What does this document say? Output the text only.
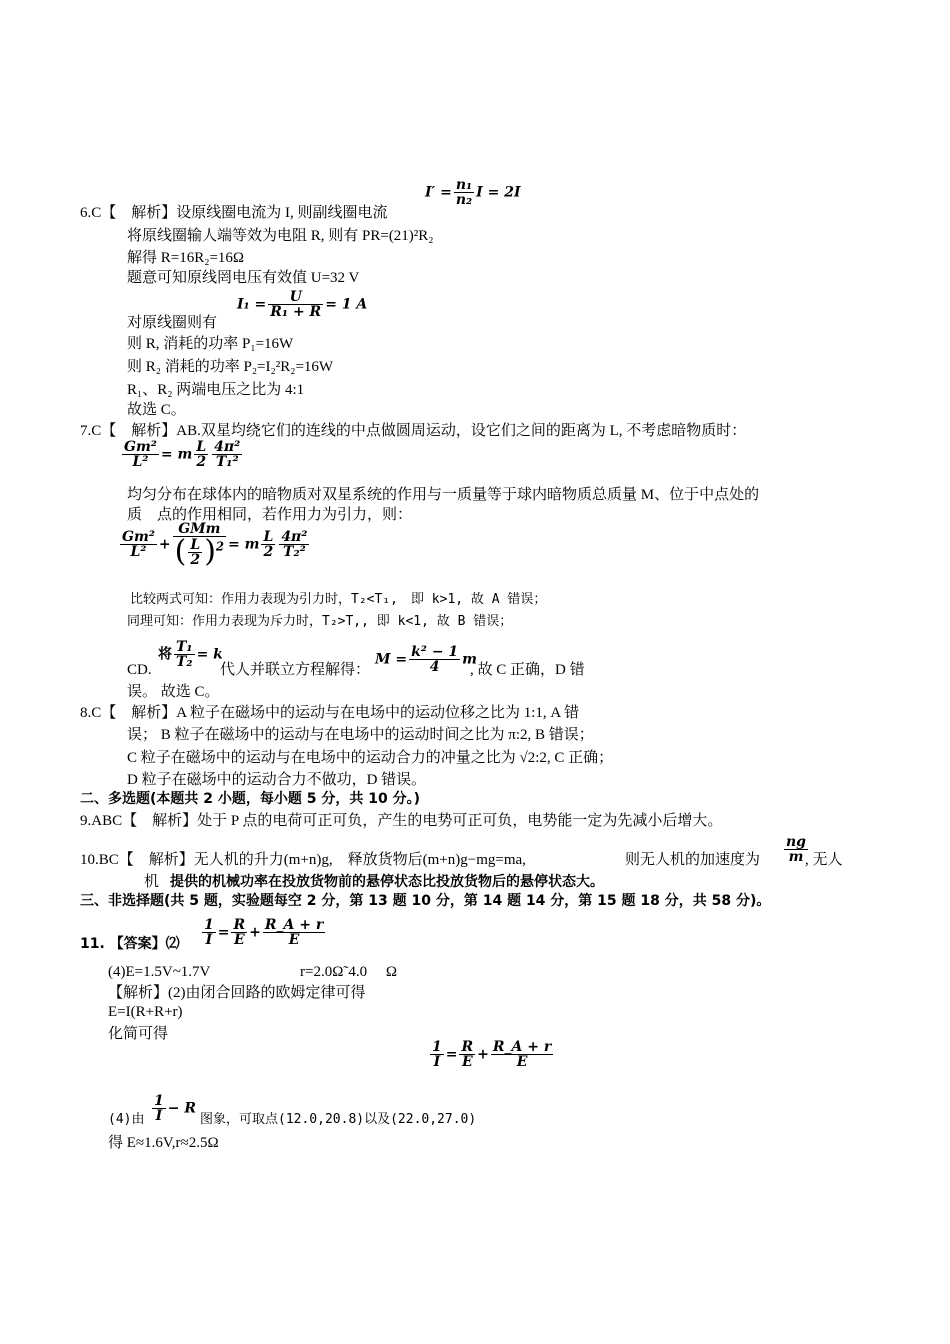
$I' = \frac{\text{n₁}}{\text{n₂}}$ I = 2I
6.C【　解析】设原线圈电流为 I, 则副线圈电流
将原线圈输人端等效为电阻 R, 则有 PR=(21)²R₂
解得 R=16R₂=16Ω
题意可知原线罔电压有效值 U=32 V
$I_1 = \frac{U}{\text{R₁ + R}} = 1$ A
对原线圈则有
则 R, 消耗的功率 P₁=16W
则 R₂ 消耗的功率 P₂=I₂²R₂=16W
R₁、R₂ 两端电压之比为 4:1
故选 C。
7.C【　解析】AB.双星均绕它们的连线的中点做圆周运动，设它们之间的距离为 L, 不考虑暗物质时：
$\frac{\text{Gm²}}{\text{L²}} = m \frac{L}{2} \frac{\text{4π²}}{\text{T₁²}}$
均匀分布在球体内的暗物质对双星系统的作用与一质量等于球内暗物质总质量 M、位于中点处的
质　点的作用相同，若作用力为引力，则：
$\frac{\text{Gm²}}{\text{L²}} + \frac{\text{GMm}}{( \frac{L}{2} )^2} = m \frac{L}{2} \frac{\text{4π²}}{\text{T₂²}}$
比较两式可知：作用力表现为引力时，T₂<T₁,　即 k>1, 故 A 错误；
同理可知：作用力表现为斥力时，T₂>T,, 即 k<1, 故 B 错误；
CD.
将 $\frac{\text{T₁}}{\text{T₂}} = k$
代人并联立方程解得：
$M = \frac{\text{k² − 1}}{4}$ m
, 故 C 正确，D 错
误。 故选 C。
8.C【　解析】A 粒子在磁场中的运动与在电场中的运动位移之比为 1:1, A 错
误； B 粒子在磁场中的运动与在电场中的运动时间之比为 π:2, B 错误；
C 粒子在磁场中的运动与在电场中的运动合力的冲量之比为 √2:2, C 正确；
D 粒子在磁场中的运动合力不做功，D 错误。
二、多选题(本题共 2 小题，每小题 5 分，共 10 分。)
9.ABC【　解析】处于 P 点的电荷可正可负，产生的电势可正可负，电势能一定为先减小后增大。
10.BC【　解析】无人机的升力(m+n)g,　释放货物后(m+n)g−mg=ma,	则无人机的加速度为 $\frac{ng}{m}$
, 无人
机 提供的机械功率在投放货物前的悬停状态比投放货物后的悬停状态大。
三、非选择题(共 5 题，实验题每空 2 分，第 13 题 10 分，第 14 题 14 分，第 15 题 18 分，共 58 分)。
11. 【答案】⑵ $\frac{1}{I} = \frac{R}{E} + \frac{R\_A + r}{E}$
(4)E=1.5V~1.7V	r=2.0Ω˜4.0　 Ω
【解析】(2)由闭合回路的欧姆定律可得
E=I(R+R+r)
化简可得
$\frac{1}{I} = \frac{R}{E} + \frac{R\_A + r}{E}$
(4)由 $\frac{1}{I} - R$
图象，可取点(12.0,20.8)以及(22.0,27.0)
得 E≈1.6V,r≈2.5Ω
